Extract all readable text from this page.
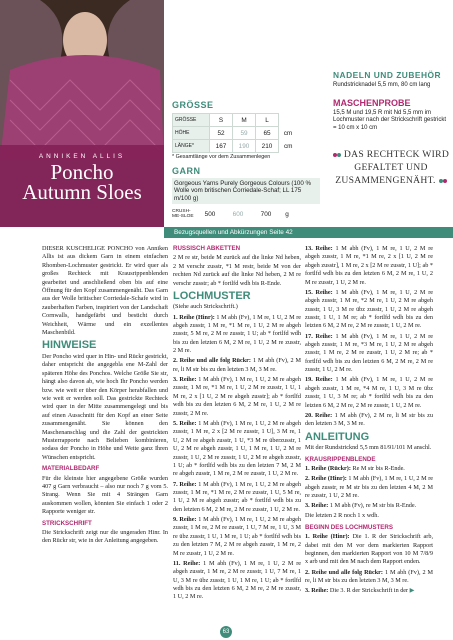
ANNIKEN ALLIS
Poncho
Autumn Sloes
GRÖSSE
GRÖSSE	S	M	L	
HÖHE	52	59	65	cm
LÄNGE*	167	190	210	cm
* Gesamtlänge vor dem Zusammenlegen
GARN
Gorgeous Yarns Purely Gorgeous Colours (100 % Wolle vom britischen Corriedale-Schaf; LL 175 m/100 g)
CRUSH-ME-SLOE	500	600	700	g
NADELN UND ZUBEHÖR
Rundstricknadel 5,5 mm, 80 cm lang
MASCHENPROBE
15,5 M und 19,5 R mit Nd 5,5 mm im Lochmuster nach der Strickschrift gestrickt = 10 cm x 10 cm
DAS RECHTECK WIRD GEFALTET UND ZUSAMMENGENÄHT.
Bezugsquellen und Abkürzungen Seite 42

DIESER KUSCHELIGE PONCHO von Anniken Allis ist aus dickem Garn in einem einfachen Rhomben-Lochmuster gestrickt. Er wird quer als großes Rechteck mit Krausrippenblenden gearbeitet und anschließend oben bis auf eine Öffnung für den Kopf zusammengenäht. Das Garn aus der Wolle britischer Corriedale-Schafe wird in zauberhaften Farben, inspiriert von der Landschaft Cornwalls, handgefärbt und besticht durch Weichheit, Wärme und ein exzellentes Maschenbild.

HINWEISE

Der Poncho wird quer in Hin- und Rückr gestrickt, daher entspricht die angegebla ene M-Zahl der späteren Höhe des Ponchos. Welche Größe Sie str, hängt also davon ab, wie hoch Ihr Poncho werden bzw. wie weit er über den Körper herabfallen und wie weit er werden soll. Das gestrickte Rechteck wird quer in der Mitte zusammengelegt und bis auf einen Ausschnitt für den Kopf an einer Seite zusammengenäht. Sie können den Maschenanschlag und die Zahl der gestrickten Musterrapporte nach Belieben kombinieren, sodass der Poncho in Höhe und Weite ganz Ihren Wünschen entspricht.

MATERIALBEDARF

Für die kleinste hier angegebene Größe wurden 407 g Garn verbraucht – also nur noch 7 g vom 5. Strang. Wenn Sie mit 4 Strängen Garn auskommen wollen, könnten Sie einfach 1 oder 2 Rapporte weniger str.

STRICKSCHRIFT

Die Strickschrift zeigt nur die ungeraden Hinr. In den Rückr str, wie in der Anleitung angegeben.

RUSSISCH ABKETTEN

2 M re str, beide M zurück auf die linke Nd heben, 2 M verschr zusstr, *1 M restr, beide M von der rechten Nd zurück auf die linke Nd heben, 2 M re verschr zusstr; ab * fortlfd wdh bis R-Ende.

LOCHMUSTER

(Siehe auch Strickschrift.)

1. Reihe (Hinr): 1 M abh (Fv), 1 M re, 1 U, 2 M re abgeh zusstr, 1 M re, *1 M re, 1 U, 2 M re abgeh zusstr, 5 M re, 2 M re zusstr, 1 U; ab * fortlfd wdh bis zu den letzten 6 M, 2 M re, 1 U, 2 M re zusstr, 2 M re.

2. Reihe und alle folg Rückr: 1 M abh (Fv), 2 M re, li M str bis zu den letzten 3 M, 3 M re.

3. Reihe: 1 M abh (Fv), 1 M re, 1 U, 2 M re abgeh zusstr, 1 M re, *1 M re, 1 U, 2 M re zusstr, 1 U, 1 M re, 2 x [1 U, 2 M re abgeh zusstr]; ab * fortlfd wdh bis zu den letzten 6 M, 2 M re, 1 U, 2 M re zusstr, 2 M re.

5. Reihe: 1 M abh (Fv), 1 M re, 1 U, 2 M re abgeh zusstr, 1 M re, 2 x [2 M re zusstr, 1 U], 3 M re, 1 U, 2 M re abgeh zusstr, 1 U, *3 M re überzusstr, 1 U, 2 M re abgeh zusstr, 1 U, 1 M re, 1 U, 2 M re zusstr, 1 U, 2 M re zusstr, 1 U, 2 M re abgeh zusstr, 1 U; ab * fortlfd wdh bis zu den letzten 7 M, 2 M re abgeh zusstr, 1 M re, 2 M re zusstr, 1 U, 2 M re.

7. Reihe: 1 M abh (Fv), 1 M re, 1 U, 2 M re abgeh zusstr, 1 M re, *1 M re, 2 M re zusstr, 1 U, 5 M re, 1 U, 2 M re abgeh zusstr; ab * fortlfd wdh bis zu den letzten 6 M, 2 M re, 2 M re zusstr, 1 U, 2 M re.

9. Reihe: 1 M abh (Fv), 1 M re, 1 U, 2 M re abgeh zusstr, 1 M re, 2 M re zusstr, 1 U, 7 M re, 1 U, 3 M re übz zusstr, 1 U, 1 M re, 1 U; ab * fortlfd wdh bis zu den letzten 7 M, 2 M re abgeh zusstr, 1 M re, 2 M re zusstr, 1 U, 2 M re.

11. Reihe: 1 M abh (Fv), 1 M re, 1 U, 2 M re abgeh zusstr, 1 M re, 2 M re zusstr, 1 U, 7 M re, 1 U, 3 M re übz zusstr, 1 U, 1 M re, 1 U; ab * fortlfd wdh bis zu den letzten 6 M, 2 M re, 2 M re zusstr, 1 U, 2 M re.

13. Reihe: 1 M abh (Fv), 1 M re, 1 U, 2 M re abgeh zusstr, 1 M re, *1 M re, 2 x [1 U, 2 M re abgeh zusstr], 1 M re, 2 x [2 M re zusstr, 1 U]; ab * fortlfd wdh bis zu den letzten 6 M, 2 M re, 1 U, 2 M re zusstr, 1 U, 2 M re.

15. Reihe: 1 M abh (Fv), 1 M re, 1 U, 2 M re abgeh zusstr, 1 M re, *2 M re, 1 U, 2 M re abgeh zusstr, 1 U, 3 M re übz zusstr, 1 U, 2 M re abgeh zusstr, 1 U, 1 M re; ab * fortlfd wdh bis zu den letzten 6 M, 2 M re, 2 M re zusstr, 1 U, 2 M re.

17. Reihe: 1 M abh (Fv), 1 M re, 1 U, 2 M re abgeh zusstr, 1 M re, *3 M re, 1 U, 2 M re abgeh zusstr, 1 M re, 2 M re zusstr, 1 U, 2 M re; ab * fortlfd wdh bis zu den letzten 6 M, 2 M re, 2 M re zusstr, 1 U, 2 M re.

19. Reihe: 1 M abh (Fv), 1 M re, 1 U, 2 M re abgeh zusstr, 1 M re, *4 M re, 1 U, 3 M re übz zusstr, 1 U, 3 M re; ab * fortlfd wdh bis zu den letzten 6 M, 2 M re, 2 M re zusstr, 1 U, 2 M re.

20. Reihe: 1 M abh (Fv), 2 M re, li M str bis zu den letzten 3 M, 3 M re.

ANLEITUNG

Mit der Rundstricknd 5,5 mm 81/91/101 M anschl.

KRAUSRIPPENBLENDE

1. Reihe (Rückr): Re M str bis R-Ende.

2. Reihe (Hinr): 1 M abh (Fv), 1 M re, 1 U, 2 M re abgeh zusstr, re M str bis zu den letzten 4 M, 2 M re zusstr, 1 U, 2 M re.

3. Reihe: 1 M abh (Fv), re M str bis R-Ende.

Die letzten 2 R noch 1 x wdh.

BEGINN DES LOCHMUSTERS

1. Reihe (Hinr): Die 1. R der Strickschrift arb, dabei mit den M vor dem markierten Rapport beginnen, den markierten Rapport von 10 M 7/8/9 x arb und mit den M nach dem Rapport enden.

2. Reihe und alle folg Rückr: 1 M abh (Fv), 2 M re, li M str bis zu den letzten 3 M, 3 M re.

3. Reihe: Die 3. R der Strickschrift in der ▶

63
